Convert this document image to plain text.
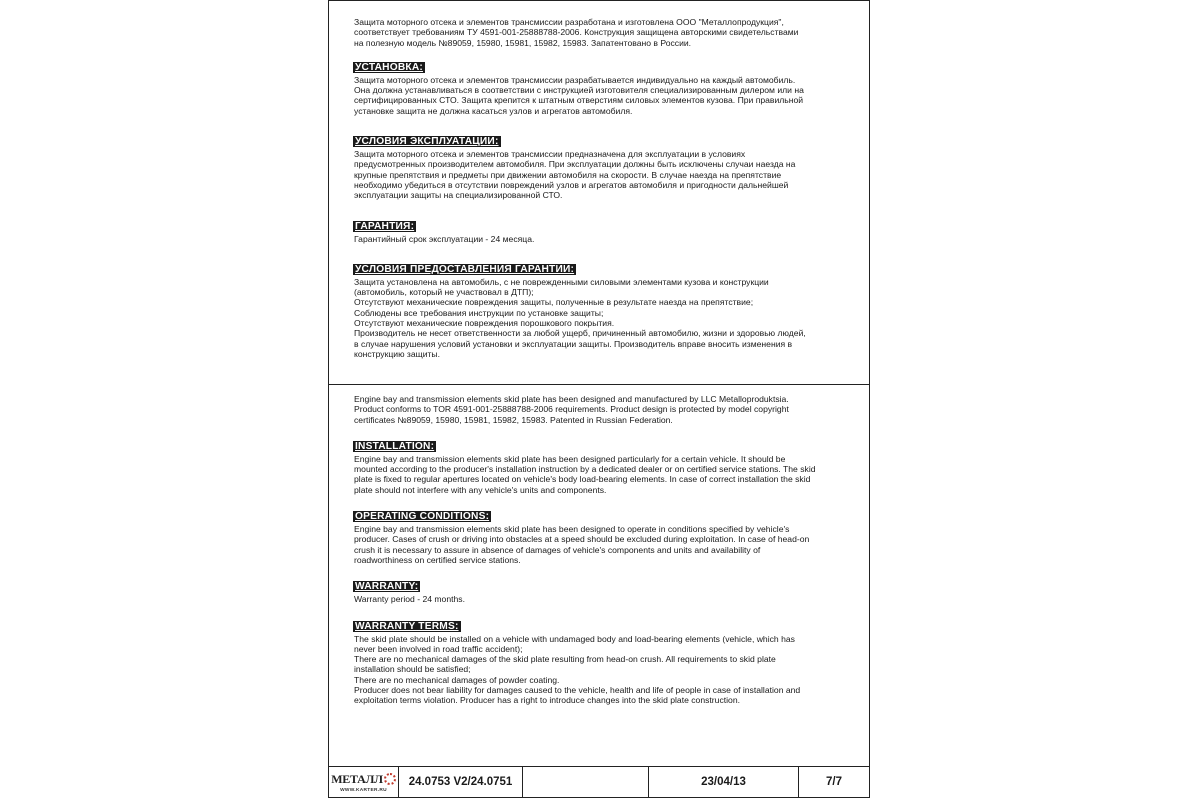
Защита моторного отсека и элементов трансмиссии разработана и изготовлена ООО "Металлопродукция",
соответствует требованиям ТУ 4591-001-25888788-2006. Конструкция защищена авторскими свидетельствами
на полезную модель №89059, 15980, 15981, 15982, 15983. Запатентовано в России.

УСТАНОВКА:

Защита моторного отсека и элементов трансмиссии разрабатывается индивидуально на каждый автомобиль.
Она должна устанавливаться в соответствии с инструкцией изготовителя специализированным дилером или на
сертифицированных СТО. Защита крепится к штатным отверстиям силовых элементов кузова. При правильной
установке защита не должна касаться узлов и агрегатов автомобиля.

УСЛОВИЯ ЭКСПЛУАТАЦИИ:

Защита моторного отсека и элементов трансмиссии предназначена для эксплуатации в условиях
предусмотренных производителем автомобиля. При эксплуатации должны быть исключены случаи наезда на
крупные препятствия и предметы при движении автомобиля на скорости. В случае наезда на препятствие
необходимо убедиться в отсутствии повреждений узлов и агрегатов автомобиля и пригодности дальнейшей
эксплуатации защиты на специализированной СТО.

ГАРАНТИЯ:

Гарантийный срок эксплуатации - 24 месяца.

УСЛОВИЯ ПРЕДОСТАВЛЕНИЯ ГАРАНТИИ:

Защита установлена на автомобиль, с не поврежденными силовыми элементами кузова и конструкции
(автомобиль, который не участвовал в ДТП);
Отсутствуют механические повреждения защиты, полученные в результате наезда на препятствие;
Соблюдены все требования инструкции по установке защиты;
Отсутствуют механические повреждения порошкового покрытия.
Производитель не несет ответственности за любой ущерб, причиненный автомобилю, жизни и здоровью людей,
в случае нарушения условий установки и эксплуатации защиты. Производитель вправе вносить изменения в
конструкцию защиты.

Engine bay and transmission elements skid plate has been designed and manufactured by LLC Metalloproduktsia.
Product conforms to TOR 4591-001-25888788-2006 requirements. Product design is protected by model copyright
certificates №89059, 15980, 15981, 15982, 15983. Patented in Russian Federation.

INSTALLATION:

Engine bay and transmission elements skid plate has been designed particularly for a certain vehicle. It should be
mounted according to the producer's installation instruction by a dedicated dealer or on certified service stations. The skid
plate is fixed to regular apertures located on vehicle's body load-bearing elements. In case of correct installation the skid
plate should not interfere with any vehicle's units and components.

OPERATING CONDITIONS:

Engine bay and transmission elements skid plate has been designed to operate in conditions specified by vehicle's
producer. Cases of crush or driving into obstacles at a speed should be excluded during exploitation. In case of head-on
crush it is necessary to assure in absence of damages of vehicle's components and units and availability of
roadworthiness on certified service stations.

WARRANTY:

Warranty period - 24 months.

WARRANTY TERMS:

The skid plate should be installed on a vehicle with undamaged body and load-bearing elements (vehicle, which has
never been involved in road traffic accident);
There are no mechanical damages of the skid plate resulting from head-on crush. All requirements to skid plate
installation should be satisfied;
There are no mechanical damages of powder coating.
Producer does not bear liability for damages caused to the vehicle, health and life of people in case of installation and
exploitation terms violation. Producer has a right to introduce changes into the skid plate construction.

МЕТАЛЛ
WWW.KARTER.RU
24.0753 V2/24.0751	23/04/13	7/7
